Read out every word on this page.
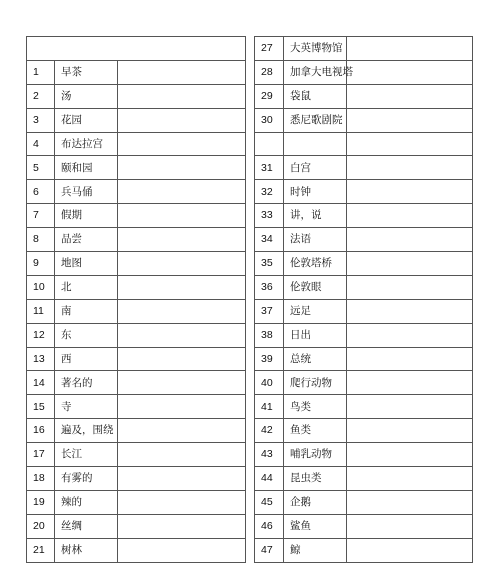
1	早茶	
2	汤	
3	花园	
4	布达拉宫	
5	颐和园	
6	兵马俑	
7	假期	
8	品尝	
9	地图	
10	北	
11	南	
12	东	
13	西	
14	著名的	
15	寺	
16	遍及，围绕	
17	长江	
18	有雾的	
19	辣的	
20	丝绸	
21	树林	
27	大英博物馆	
28	加拿大电视塔	
29	袋鼠	
30	悉尼歌剧院	

31	白宫	
32	时钟	
33	讲，说	
34	法语	
35	伦敦塔桥	
36	伦敦眼	
37	远足	
38	日出	
39	总统	
40	爬行动物	
41	鸟类	
42	鱼类	
43	哺乳动物	
44	昆虫类	
45	企鹅	
46	鲨鱼	
47	鲸	
